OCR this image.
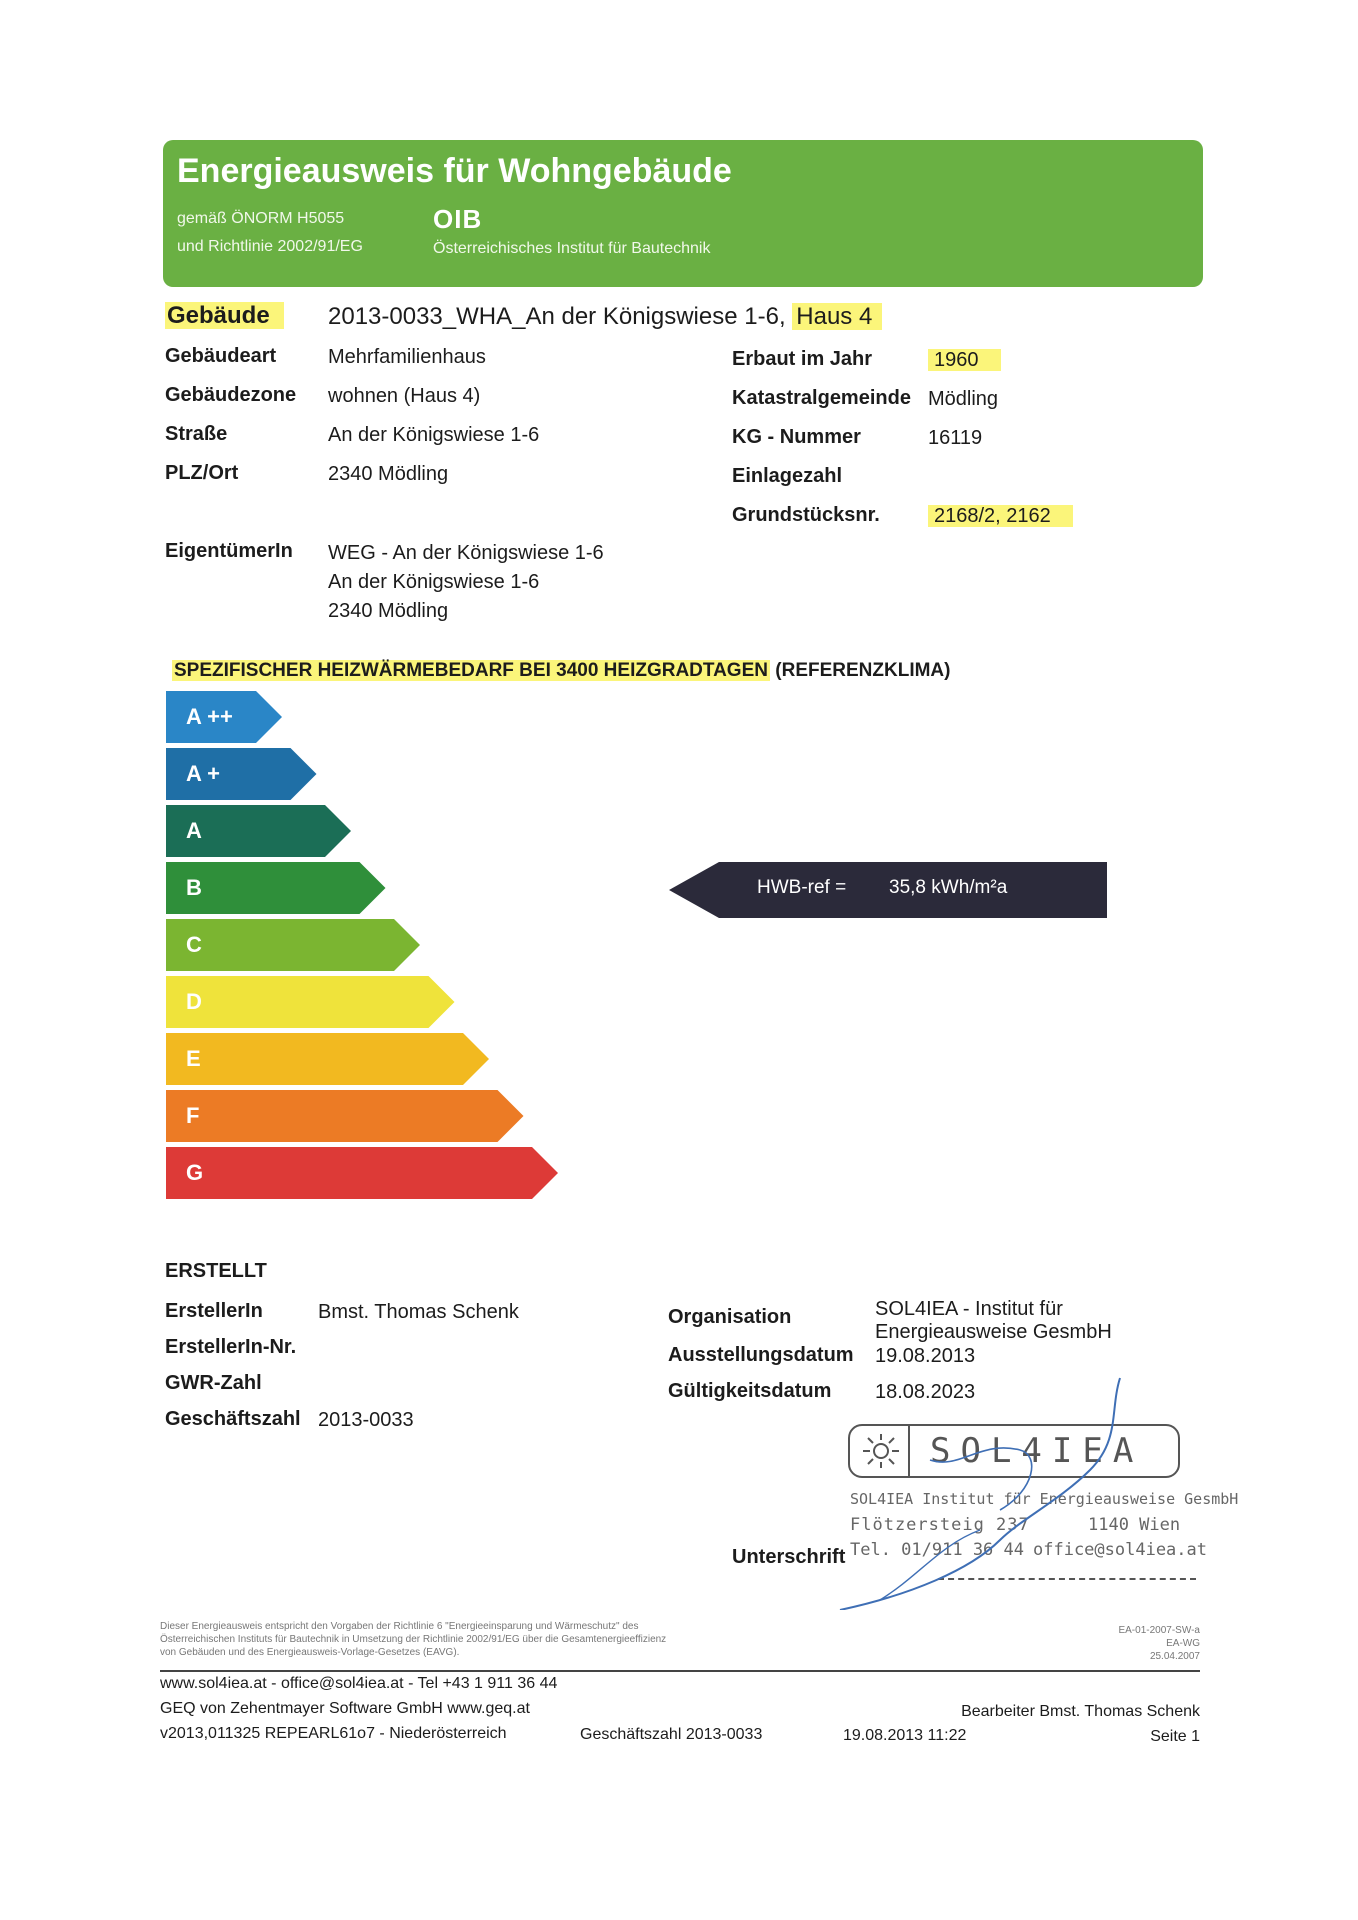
Energieausweis für Wohngebäude
gemäß ÖNORM H5055
und Richtlinie 2002/91/EG
OIB
Österreichisches Institut für Bautechnik
Gebäude	2013-0033_WHA_An der Königswiese 1-6, Haus 4
Gebäudeart	Mehrfamilienhaus
Gebäudezone wohnen (Haus 4)
Straße	An der Königswiese 1-6
PLZ/Ort	2340 Mödling
Erbaut im Jahr	1960
Katastralgemeinde Mödling
KG - Nummer	16119
Einlagezahl
Grundstücksnr.	2168/2, 2162
EigentümerIn WEG - An der Königswiese 1-6
An der Königswiese 1-6
2340 Mödling
SPEZIFISCHER HEIZWÄRMEBEDARF BEI 3400 HEIZGRADTAGEN (REFERENZKLIMA)
A ++
A +
A
B
C
D
E
F
G
HWB-ref = 35,8 kWh/m²a
ERSTELLT
ErstellerIn	Bmst. Thomas Schenk
ErstellerIn-Nr.
GWR-Zahl
Geschäftszahl 2013-0033
Organisation	SOL4IEA - Institut für
Energieausweise GesmbH
Ausstellungsdatum 19.08.2013
Gültigkeitsdatum 18.08.2023
SOL4IEA
SOL4IEA Institut für Energieausweise GesmbH
Flötzersteig 237	1140 Wien
Tel. 01/911 36 44 office@sol4iea.at
Unterschrift
Dieser Energieausweis entspricht den Vorgaben der Richtlinie 6 "Energieeinsparung und Wärmeschutz" des
Österreichischen Instituts für Bautechnik in Umsetzung der Richtlinie 2002/91/EG über die Gesamtenergieeffizienz
von Gebäuden und des Energieausweis-Vorlage-Gesetzes (EAVG).
EA-01-2007-SW-a
EA-WG
25.04.2007
www.sol4iea.at - office@sol4iea.at - Tel +43 1 911 36 44
GEQ von Zehentmayer Software GmbH www.geq.at
v2013,011325 REPEARL61o7 - Niederösterreich	Geschäftszahl 2013-0033	19.08.2013 11:22
Bearbeiter Bmst. Thomas Schenk
Seite 1
